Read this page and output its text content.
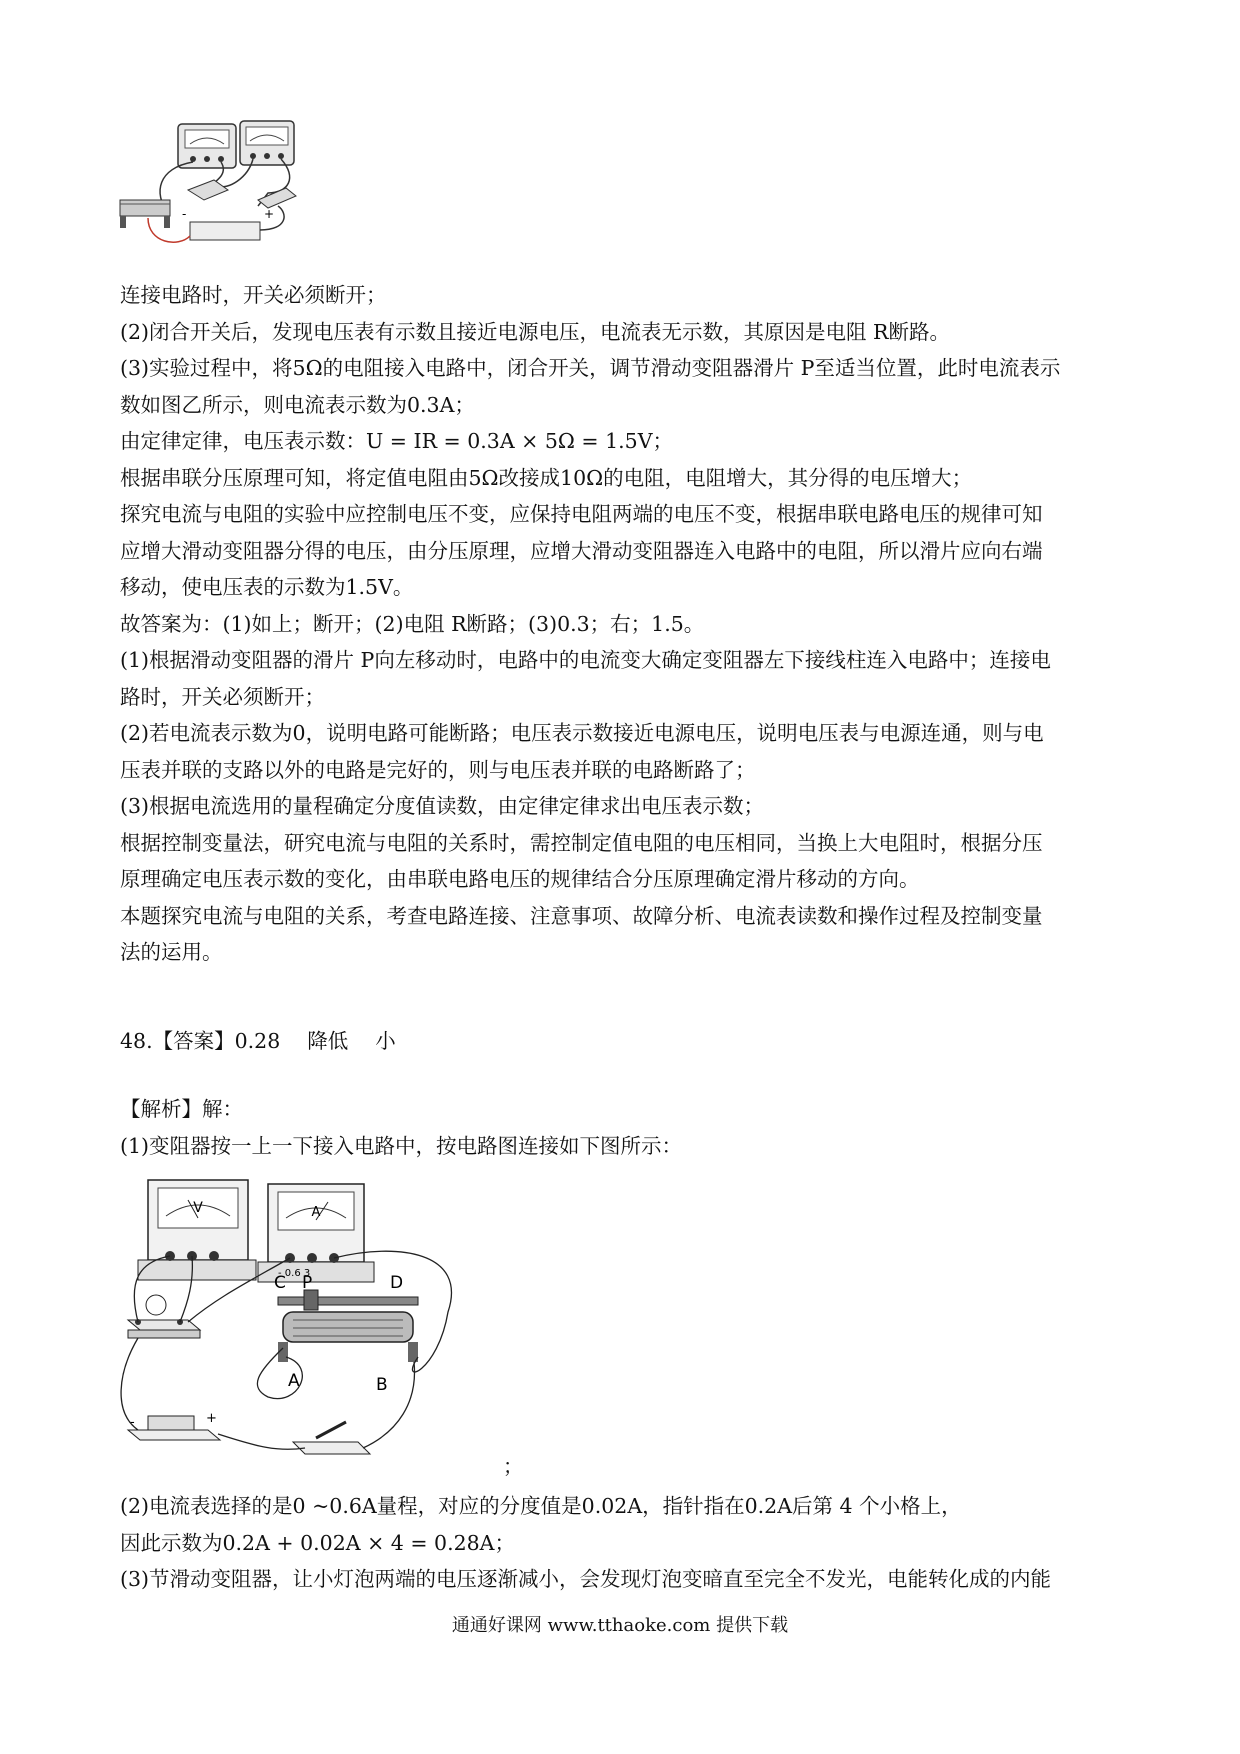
-	+
连接电路时，开关必须断开；
(2)闭合开关后，发现电压表有示数且接近电源电压，电流表无示数，其原因是电阻 R断路。
(3)实验过程中，将5Ω的电阻接入电路中，闭合开关，调节滑动变阻器滑片 P至适当位置，此时电流表示
数如图乙所示，则电流表示数为0.3A；
由定律定律，电压表示数：U = IR = 0.3A × 5Ω = 1.5V；
根据串联分压原理可知，将定值电阻由5Ω改接成10Ω的电阻，电阻增大，其分得的电压增大；
探究电流与电阻的实验中应控制电压不变，应保持电阻两端的电压不变，根据串联电路电压的规律可知
应增大滑动变阻器分得的电压，由分压原理，应增大滑动变阻器连入电路中的电阻，所以滑片应向右端
移动，使电压表的示数为1.5V。
故答案为：(1)如上；断开；(2)电阻 R断路；(3)0.3；右；1.5。
(1)根据滑动变阻器的滑片 P向左移动时，电路中的电流变大确定变阻器左下接线柱连入电路中；连接电
路时，开关必须断开；
(2)若电流表示数为0，说明电路可能断路；电压表示数接近电源电压，说明电压表与电源连通，则与电
压表并联的支路以外的电路是完好的，则与电压表并联的电路断路了；
(3)根据电流选用的量程确定分度值读数，由定律定律求出电压表示数；
根据控制变量法，研究电流与电阻的关系时，需控制定值电阻的电压相同，当换上大电阻时，根据分压
原理确定电压表示数的变化，由串联电路电压的规律结合分压原理确定滑片移动的方向。
本题探究电流与电阻的关系，考查电路连接、注意事项、故障分析、电流表读数和操作过程及控制变量
法的运用。
48.【答案】0.28　 降低　 小
【解析】解：
(1)变阻器按一上一下接入电路中，按电路图连接如下图所示：
V	A
- 0.6 3
C P	D
A	B
-	+
；
(2)电流表选择的是0 ~0.6A量程，对应的分度值是0.02A，指针指在0.2A后第 4 个小格上，
因此示数为0.2A + 0.02A × 4 = 0.28A；
(3)节滑动变阻器，让小灯泡两端的电压逐渐减小，会发现灯泡变暗直至完全不发光，电能转化成的内能
通通好课网 www.tthaoke.com 提供下载
